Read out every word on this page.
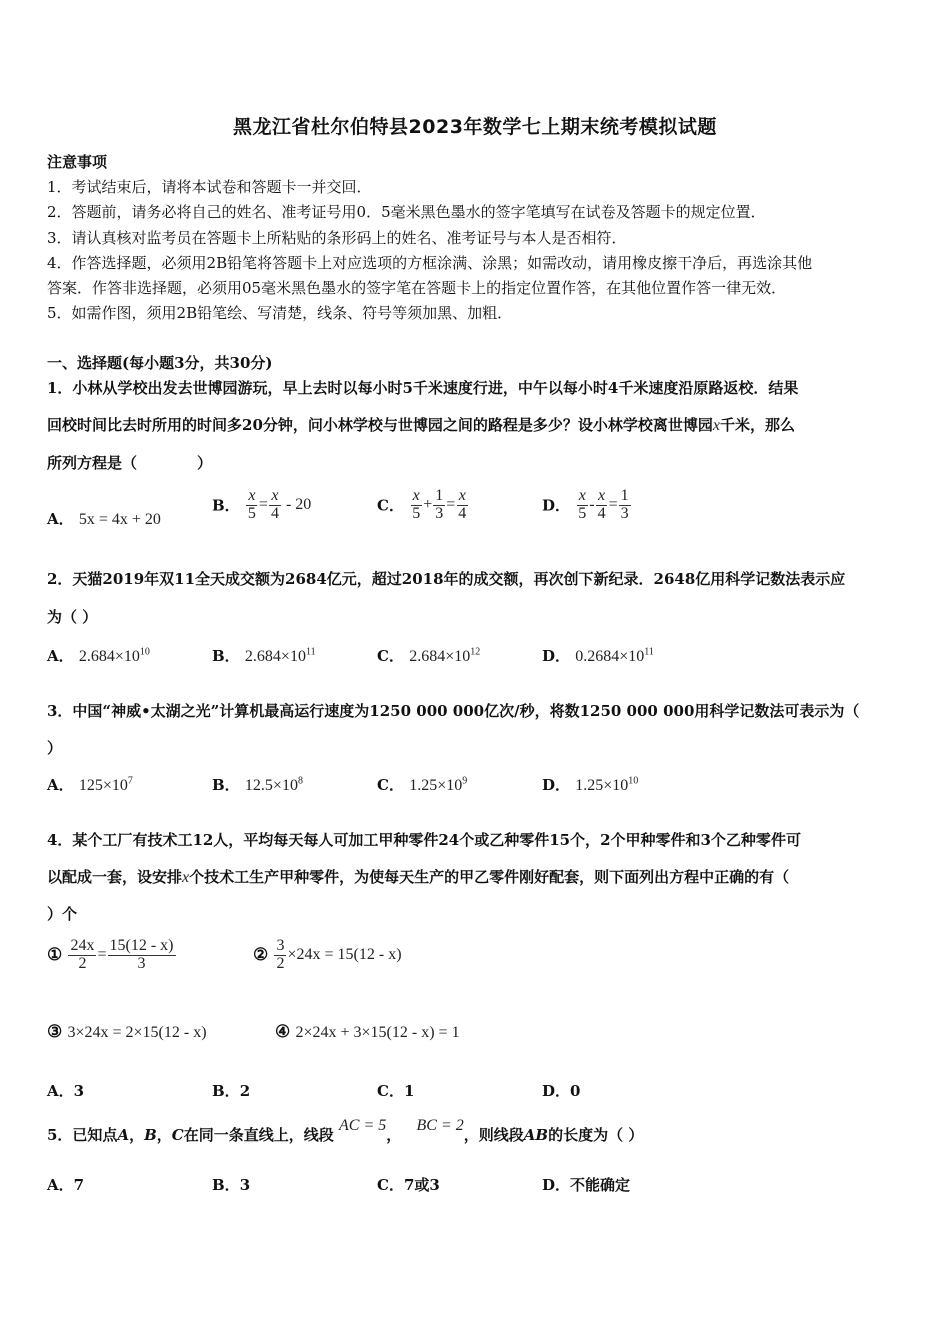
黑龙江省杜尔伯特县2023年数学七上期末统考模拟试题
注意事项
1．考试结束后，请将本试卷和答题卡一并交回．
2．答题前，请务必将自己的姓名、准考证号用0．5毫米黑色墨水的签字笔填写在试卷及答题卡的规定位置．
3．请认真核对监考员在答题卡上所粘贴的条形码上的姓名、准考证号与本人是否相符．
4．作答选择题，必须用2B铅笔将答题卡上对应选项的方框涂满、涂黑；如需改动，请用橡皮擦干净后，再选涂其他
答案．作答非选择题，必须用05毫米黑色墨水的签字笔在答题卡上的指定位置作答，在其他位置作答一律无效．
5．如需作图，须用2B铅笔绘、写清楚，线条、符号等须加黑、加粗．
一、选择题(每小题3分，共30分)
1．小林从学校出发去世博园游玩，早上去时以每小时5千米速度行进，中午以每小时4千米速度沿原路返校．结果
回校时间比去时所用的时间多20分钟，问小林学校与世博园之间的路程是多少？设小林学校离世博园x千米，那么
所列方程是（　　　　）
A． 5x = 4x + 20
B． $\frac{x}{5} = \frac{x}{4} - 20$	C． $\frac{x}{5} + \frac{1}{3} = \frac{x}{4}$	D． $\frac{x}{5} - \frac{x}{4} = \frac{1}{3}$
2．天猫2019年双11全天成交额为2684亿元，超过2018年的成交额，再次创下新纪录．2648亿用科学记数法表示应
为（ ）
A． $2.684\times 10^{10}$	B． $2.684\times 10^{11}$	C． $2.684\times 10^{12}$	D． $0.2684\times 10^{11}$
3．中国“神威•太湖之光”计算机最高运行速度为1250 000 000亿次/秒，将数1250 000 000用科学记数法可表示为（
）
A． $125\times 10^7$	B． $12.5\times 10^8$	C． $1.25\times 10^9$	D． $1.25\times 10^{10}$
4．某个工厂有技术工12人，平均每天每人可加工甲种零件24个或乙种零件15个，2个甲种零件和3个乙种零件可
以配成一套，设安排x个技术工生产甲种零件，为使每天生产的甲乙零件刚好配套，则下面列出方程中正确的有（
）个
① $\frac{24x}{2} = \frac{15(12 - x)}{3}$	② $\frac{3}{2} \times 24x = 15(12 - x)$
③ 3×24x = 2×15(12 - x)	④ 2×24x + 3×15(12 - x) = 1
A．3	B．2	C．1	D．0
5．已知点A，B，C在同一条直线上，线段 AC = 5， BC = 2，则线段AB的长度为（ ）
A．7	B．3	C．7或3	D．不能确定
